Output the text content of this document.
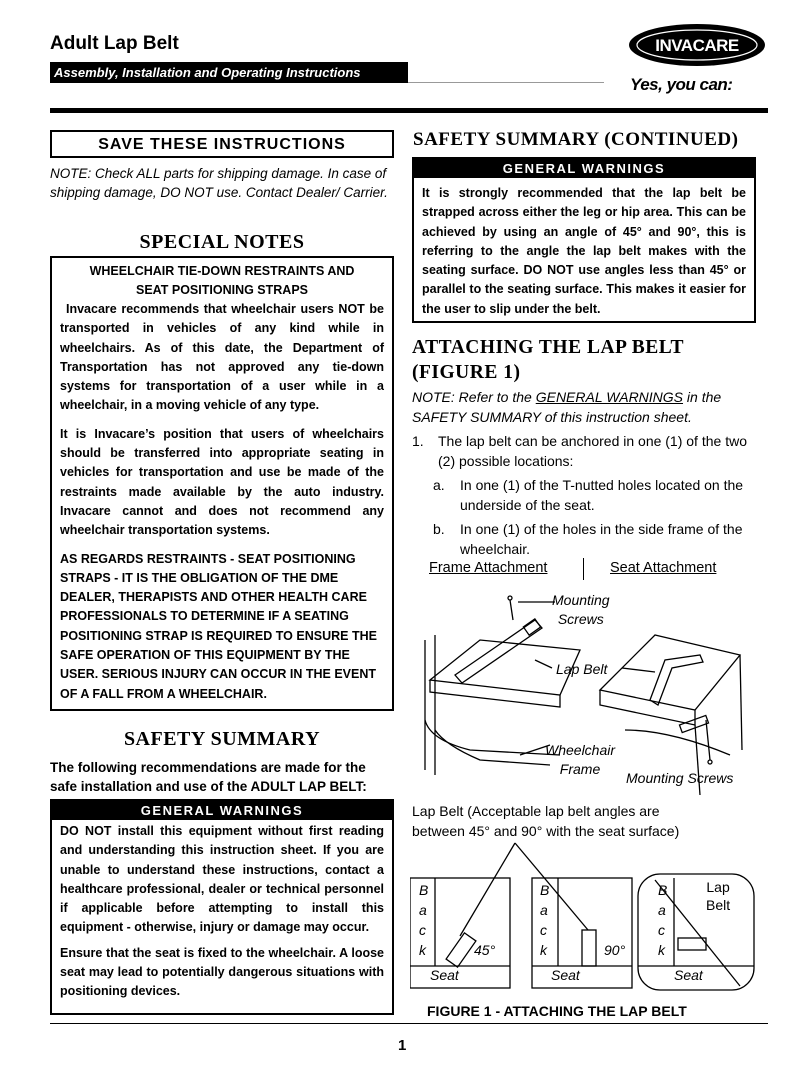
Adult Lap Belt
Assembly, Installation and Operating Instructions
INVACARE
Yes, you can:
SAVE THESE INSTRUCTIONS
NOTE: Check ALL parts for shipping damage. In case of shipping damage, DO NOT use. Contact Dealer/ Carrier.
SPECIAL NOTES
WHEELCHAIR TIE-DOWN RESTRAINTS AND
SEAT POSITIONING STRAPS

Invacare recommends that wheelchair users NOT be transported in vehicles of any kind while in wheelchairs. As of this date, the Department of Transportation has not approved any tie-down systems for transportation of a user while in a wheelchair, in a moving vehicle of any type.

It is Invacare’s position that users of wheelchairs should be transferred into appropriate seating in vehicles for transportation and use be made of the restraints made available by the auto industry. Invacare cannot and does not recommend any wheelchair transportation systems.

AS REGARDS RESTRAINTS - SEAT POSITIONING STRAPS - IT IS THE OBLIGATION OF THE DME DEALER, THERAPISTS AND OTHER HEALTH CARE PROFESSIONALS TO DETERMINE IF A SEATING POSITIONING STRAP IS REQUIRED TO ENSURE THE SAFE OPERATION OF THIS EQUIPMENT BY THE USER. SERIOUS INJURY CAN OCCUR IN THE EVENT OF A FALL FROM A WHEELCHAIR.

SAFETY SUMMARY
The following recommendations are made for the safe installation and use of the ADULT LAP BELT:
GENERAL WARNINGS

DO NOT install this equipment without first reading and understanding this instruction sheet. If you are unable to understand these instructions, contact a healthcare professional, dealer or technical personnel if applicable before attempting to install this equipment - otherwise, injury or damage may occur.

Ensure that the seat is fixed to the wheelchair. A loose seat may lead to potentially dangerous situations with positioning devices.

SAFETY SUMMARY (CONTINUED)
GENERAL WARNINGS

It is strongly recommended that the lap belt be strapped across either the leg or hip area. This can be achieved by using an angle of 45° and 90°, this is referring to the angle the lap belt makes with the seating surface. DO NOT use angles less than 45° or parallel to the seating surface. This makes it easier for the user to slip under the belt.

ATTACHING THE LAP BELT
(FIGURE 1)
NOTE: Refer to the GENERAL WARNINGS in the SAFETY SUMMARY of this instruction sheet.
1. The lap belt can be anchored in one (1) of the two (2) possible locations:
a. In one (1) of the T-nutted holes located on the underside of the seat.
b. In one (1) of the holes in the side frame of the wheelchair.
Frame Attachment	Seat Attachment
Mounting
Screws
Lap Belt
Wheelchair
Frame
Mounting Screws
Lap Belt (Acceptable lap belt angles are
between 45° and 90° with the seat surface)
B
a
c
k	45°
Seat
B
a
c
k	90°
Seat
B
a
c
k
Lap
Belt
Seat
FIGURE 1 - ATTACHING THE LAP BELT
1
